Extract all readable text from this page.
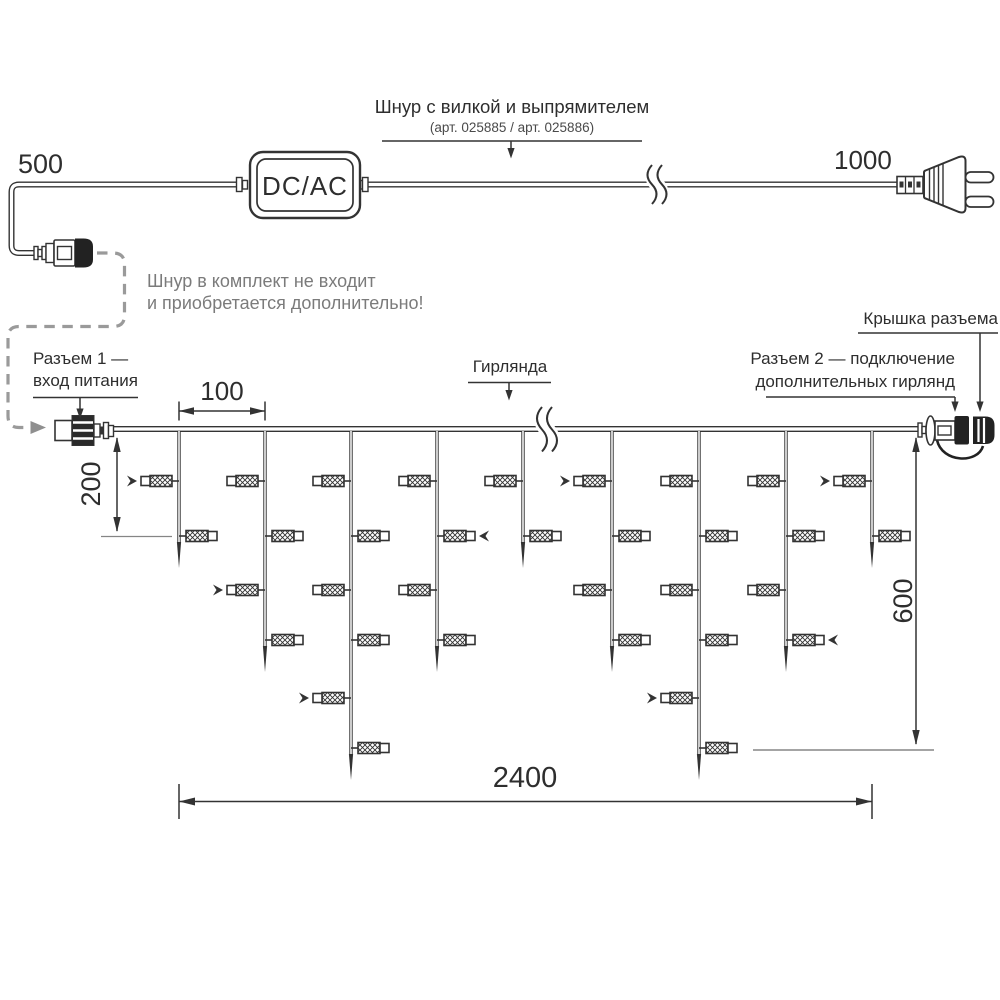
500	1000
Шнур с вилкой и выпрямителем
(арт. 025885 / арт. 025886)
DC/AC
Шнур в комплект не входит
и приобретается дополнительно!
Разъем 1 —
вход питания
Гирлянда
Крышка разъема
Разъем 2 — подключение
дополнительных гирлянд
100
200
600
2400
